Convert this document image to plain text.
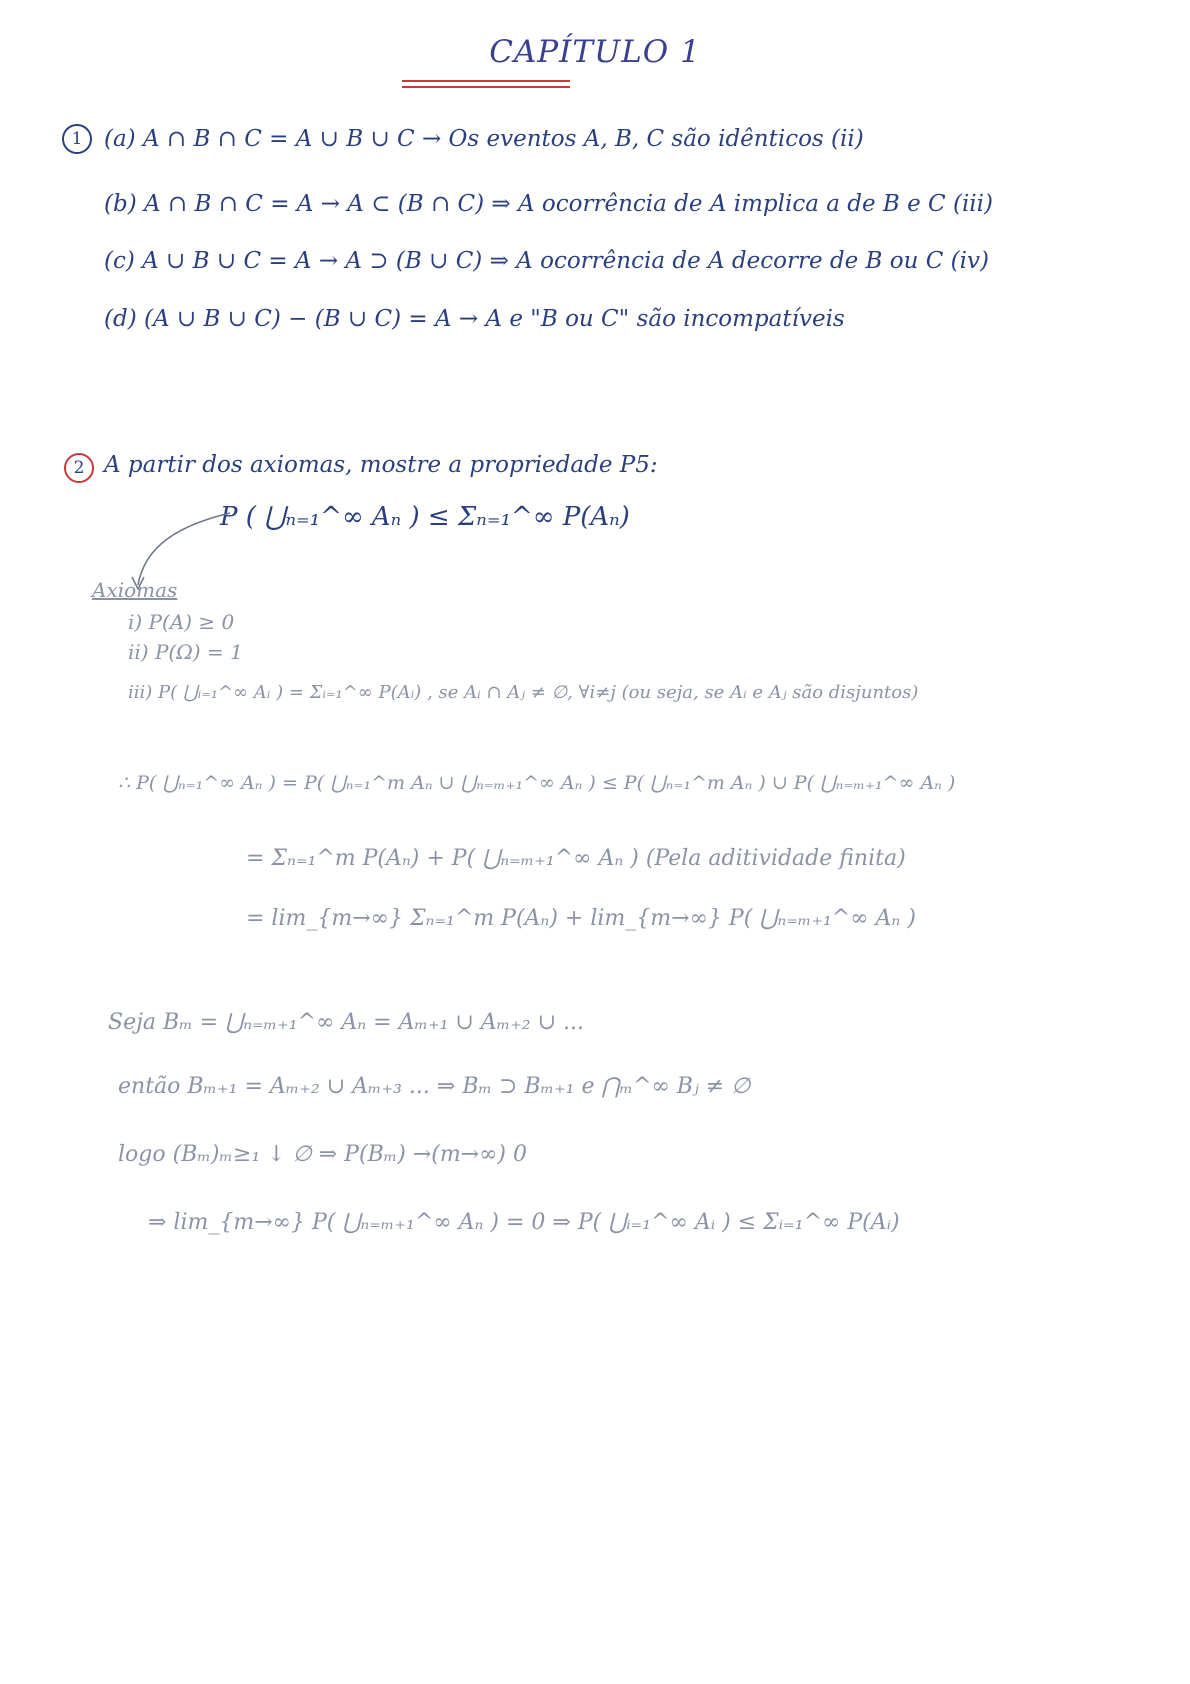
CAPÍTULO 1
1 (a) A ∩ B ∩ C = A ∪ B ∪ C → Os eventos A, B, C são idênticos (ii)
(b) A ∩ B ∩ C = A → A ⊂ (B ∩ C) ⇒ A ocorrência de A implica a de B e C (iii)
(c) A ∪ B ∪ C = A → A ⊃ (B ∪ C) ⇒ A ocorrência de A decorre de B ou C (iv)
(d) (A ∪ B ∪ C) − (B ∪ C) = A → A e "B ou C" são incompatíveis
2 A partir dos axiomas, mostre a propriedade P5:
P ( ⋃ₙ₌₁^∞ Aₙ ) ≤ Σₙ₌₁^∞ P(Aₙ)
Axiomas
i) P(A) ≥ 0
ii) P(Ω) = 1
iii) P( ⋃ᵢ₌₁^∞ Aᵢ ) = Σᵢ₌₁^∞ P(Aᵢ) , se Aᵢ ∩ Aⱼ ≠ ∅, ∀i≠j (ou seja, se Aᵢ e Aⱼ são disjuntos)
∴ P( ⋃ₙ₌₁^∞ Aₙ ) = P( ⋃ₙ₌₁^m Aₙ ∪ ⋃ₙ₌ₘ₊₁^∞ Aₙ ) ≤ P( ⋃ₙ₌₁^m Aₙ ) ∪ P( ⋃ₙ₌ₘ₊₁^∞ Aₙ )
= Σₙ₌₁^m P(Aₙ) + P( ⋃ₙ₌ₘ₊₁^∞ Aₙ ) (Pela aditividade finita)
= lim_{m→∞} Σₙ₌₁^m P(Aₙ) + lim_{m→∞} P( ⋃ₙ₌ₘ₊₁^∞ Aₙ )
Seja Bₘ = ⋃ₙ₌ₘ₊₁^∞ Aₙ = Aₘ₊₁ ∪ Aₘ₊₂ ∪ ...
então Bₘ₊₁ = Aₘ₊₂ ∪ Aₘ₊₃ ... ⇒ Bₘ ⊃ Bₘ₊₁ e ⋂ₘ^∞ Bⱼ ≠ ∅
logo (Bₘ)ₘ≥₁ ↓ ∅ ⇒ P(Bₘ) →(m→∞) 0
⇒ lim_{m→∞} P( ⋃ₙ₌ₘ₊₁^∞ Aₙ ) = 0 ⇒ P( ⋃ᵢ₌₁^∞ Aᵢ ) ≤ Σᵢ₌₁^∞ P(Aᵢ)
